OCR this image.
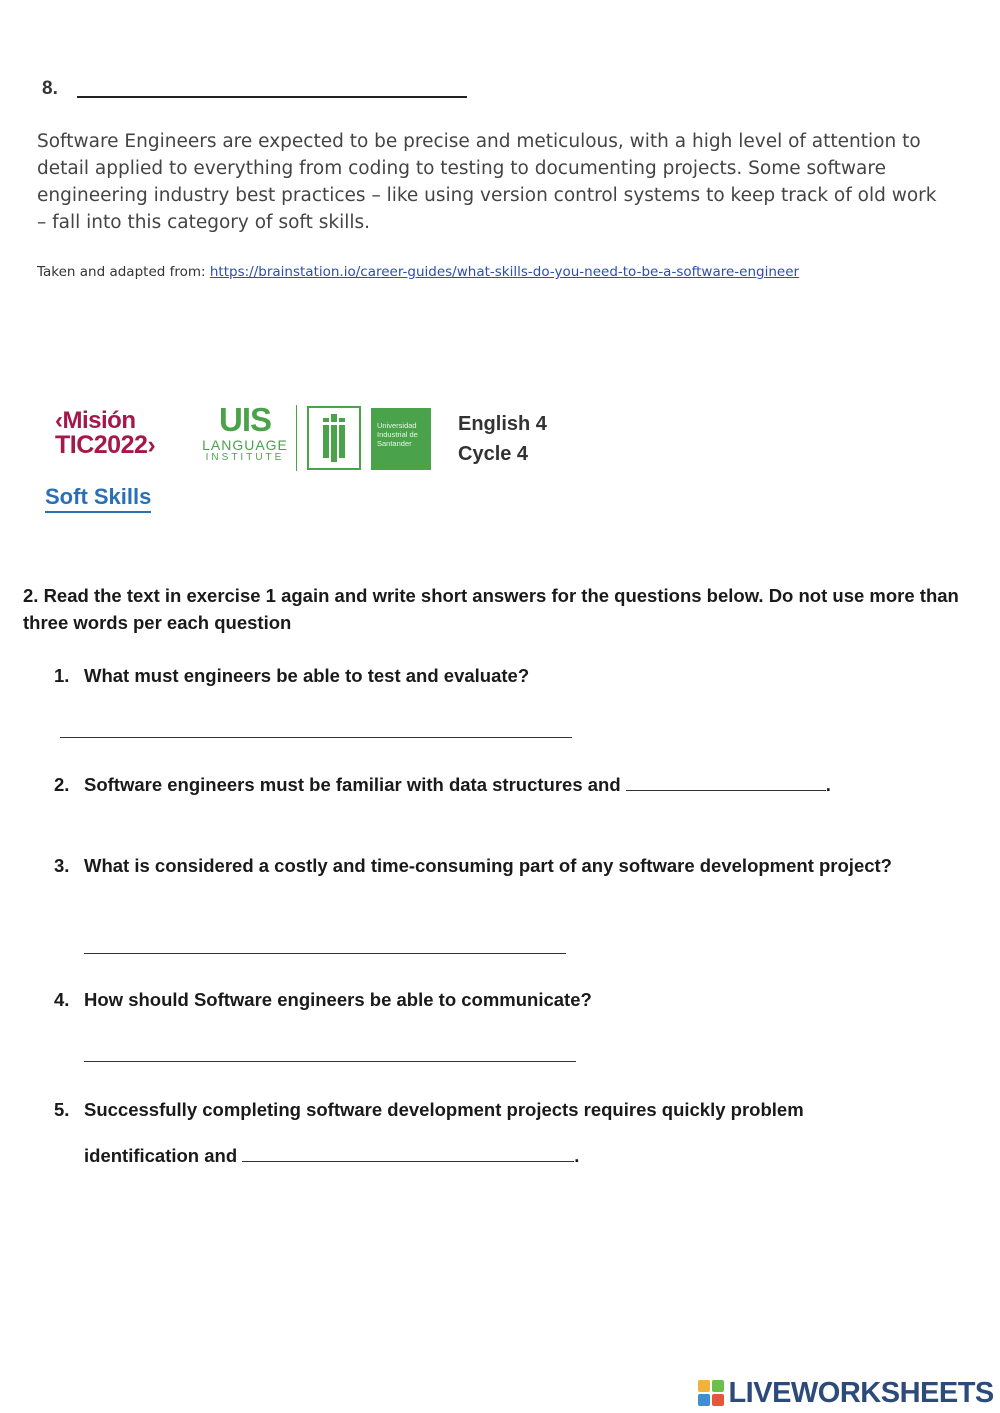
8.
Software Engineers are expected to be precise and meticulous, with a high level of attention to detail applied to everything from coding to testing to documenting projects. Some software engineering industry best practices – like using version control systems to keep track of old work – fall into this category of soft skills.
Taken and adapted from: https://brainstation.io/career-guides/what-skills-do-you-need-to-be-a-software-engineer
‹Misión
TIC2022›
Soft Skills
UIS
LANGUAGE
INSTITUTE
Universidad
Industrial de
Santander
English 4
Cycle 4
2. Read the text in exercise 1 again and write short answers for the questions below. Do not use more than three words per each question
1. What must engineers be able to test and evaluate?
2. Software engineers must be familiar with data structures and	.
3. What is considered a costly and time-consuming part of any software development project?
4. How should Software engineers be able to communicate?
5. Successfully completing software development projects requires quickly problem
identification and	.
LIVEWORKSHEETS
